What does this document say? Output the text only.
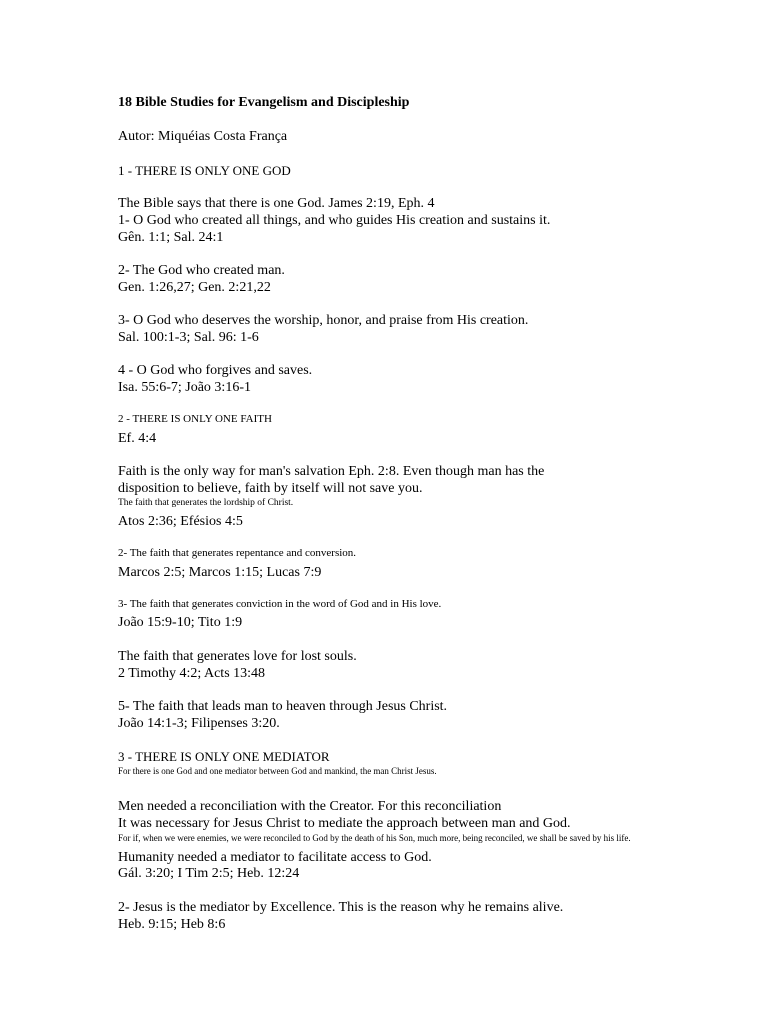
18 Bible Studies for Evangelism and Discipleship

Autor: Miquéias Costa França

1 - THERE IS ONLY ONE GOD

The Bible says that there is one God. James 2:19, Eph. 4

1- O God who created all things, and who guides His creation and sustains it.

Gên. 1:1; Sal. 24:1

2- The God who created man.

Gen. 1:26,27; Gen. 2:21,22

3- O God who deserves the worship, honor, and praise from His creation.

Sal. 100:1-3; Sal. 96: 1-6

4 - O God who forgives and saves.

Isa. 55:6-7; João 3:16-1

2 - THERE IS ONLY ONE FAITH

Ef. 4:4

Faith is the only way for man's salvation Eph. 2:8. Even though man has the

disposition to believe, faith by itself will not save you.

The faith that generates the lordship of Christ.

Atos 2:36; Efésios 4:5

2- The faith that generates repentance and conversion.

Marcos 2:5; Marcos 1:15; Lucas 7:9

3- The faith that generates conviction in the word of God and in His love.

João 15:9-10; Tito 1:9

The faith that generates love for lost souls.

2 Timothy 4:2; Acts 13:48

5- The faith that leads man to heaven through Jesus Christ.

João 14:1-3; Filipenses 3:20.

3 - THERE IS ONLY ONE MEDIATOR

For there is one God and one mediator between God and mankind, the man Christ Jesus.

Men needed a reconciliation with the Creator. For this reconciliation

It was necessary for Jesus Christ to mediate the approach between man and God.

For if, when we were enemies, we were reconciled to God by the death of his Son, much more, being reconciled, we shall be saved by his life.

Humanity needed a mediator to facilitate access to God.

Gál. 3:20; I Tim 2:5; Heb. 12:24

2- Jesus is the mediator by Excellence. This is the reason why he remains alive.

Heb. 9:15; Heb 8:6
